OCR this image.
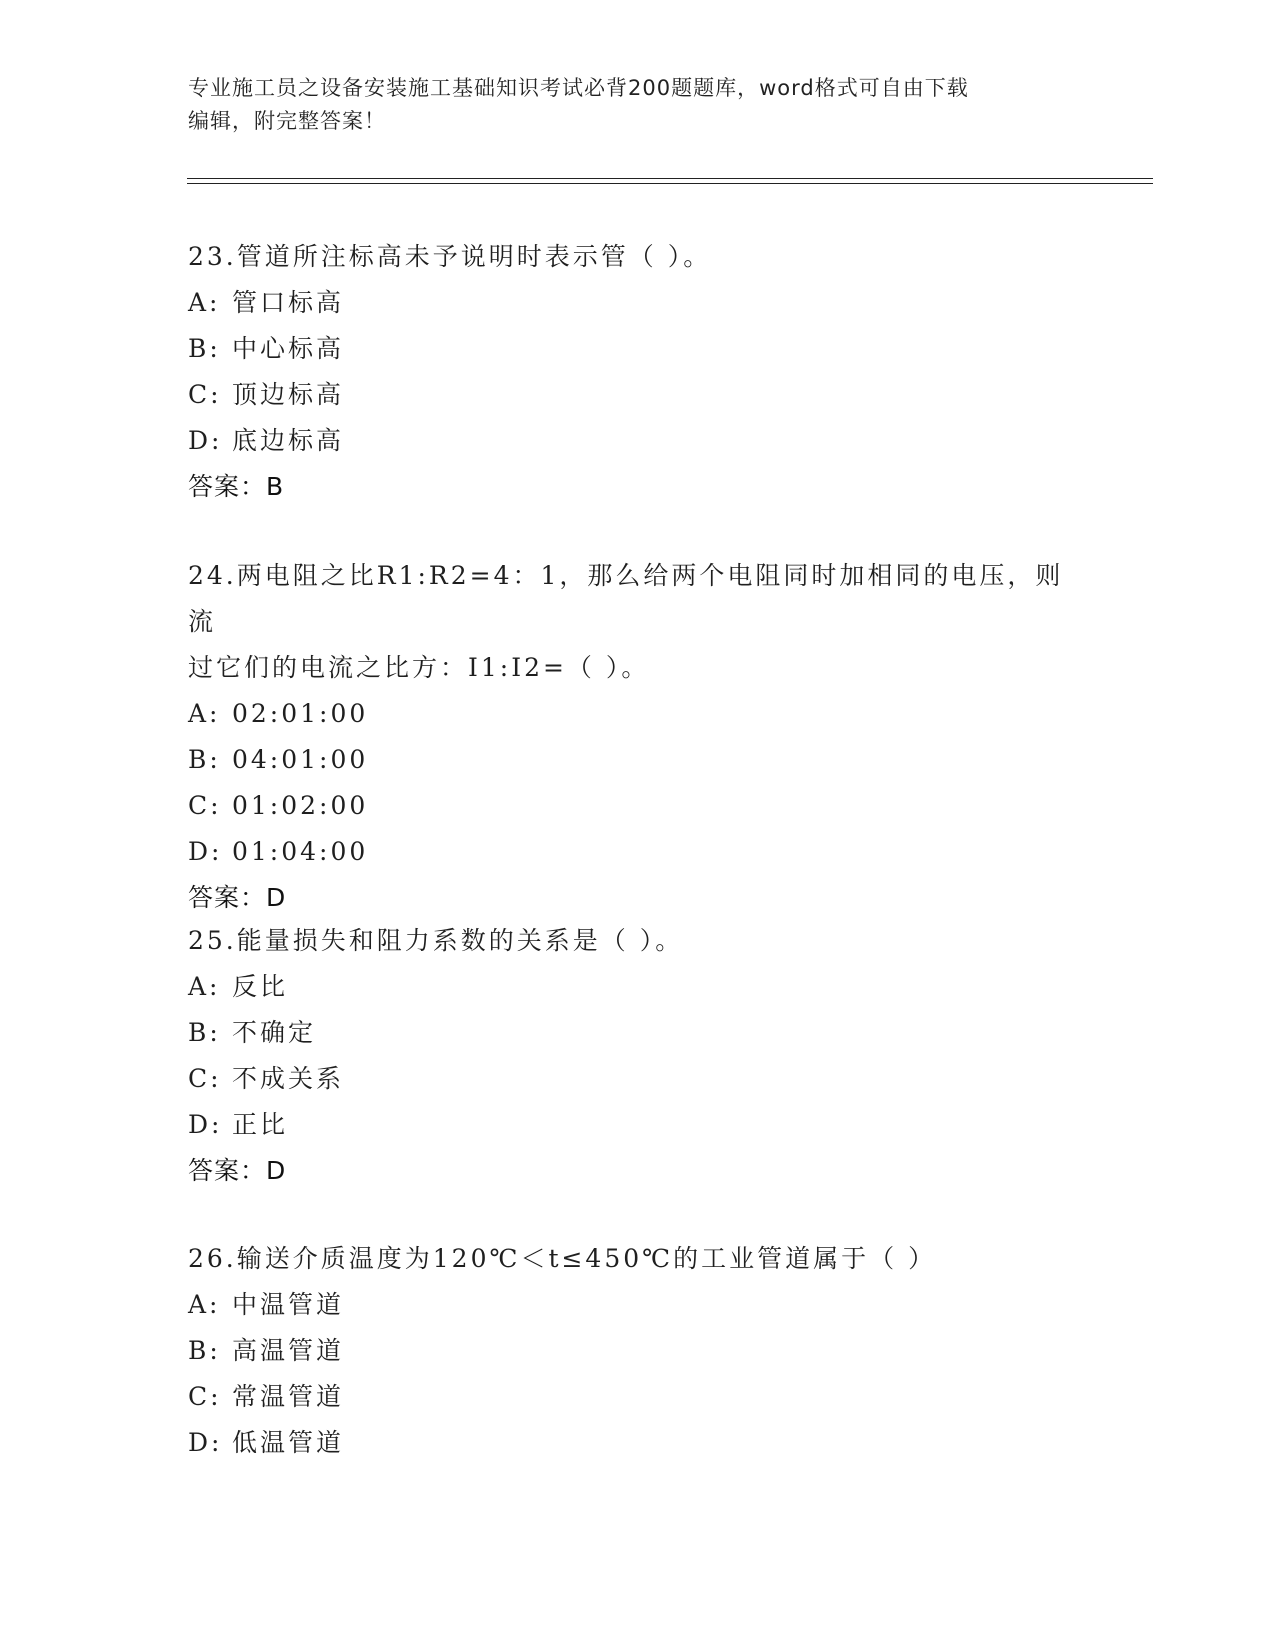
专业施工员之设备安装施工基础知识考试必背200题题库，word格式可自由下载
编辑，附完整答案！

23.管道所注标高未予说明时表示管（ ）。

A: 管口标高

B: 中心标高

C: 顶边标高

D: 底边标高

答案：B

24.两电阻之比R1:R2=4：1，那么给两个电阻同时加相同的电压，则流

过它们的电流之比方：I1:I2=（ ）。

A: 02:01:00

B: 04:01:00

C: 01:02:00

D: 01:04:00

答案：D

25.能量损失和阻力系数的关系是（ ）。

A: 反比

B: 不确定

C: 不成关系

D: 正比

答案：D

26.输送介质温度为120℃＜t≤450℃的工业管道属于（ ）

A: 中温管道

B: 高温管道

C: 常温管道

D: 低温管道
